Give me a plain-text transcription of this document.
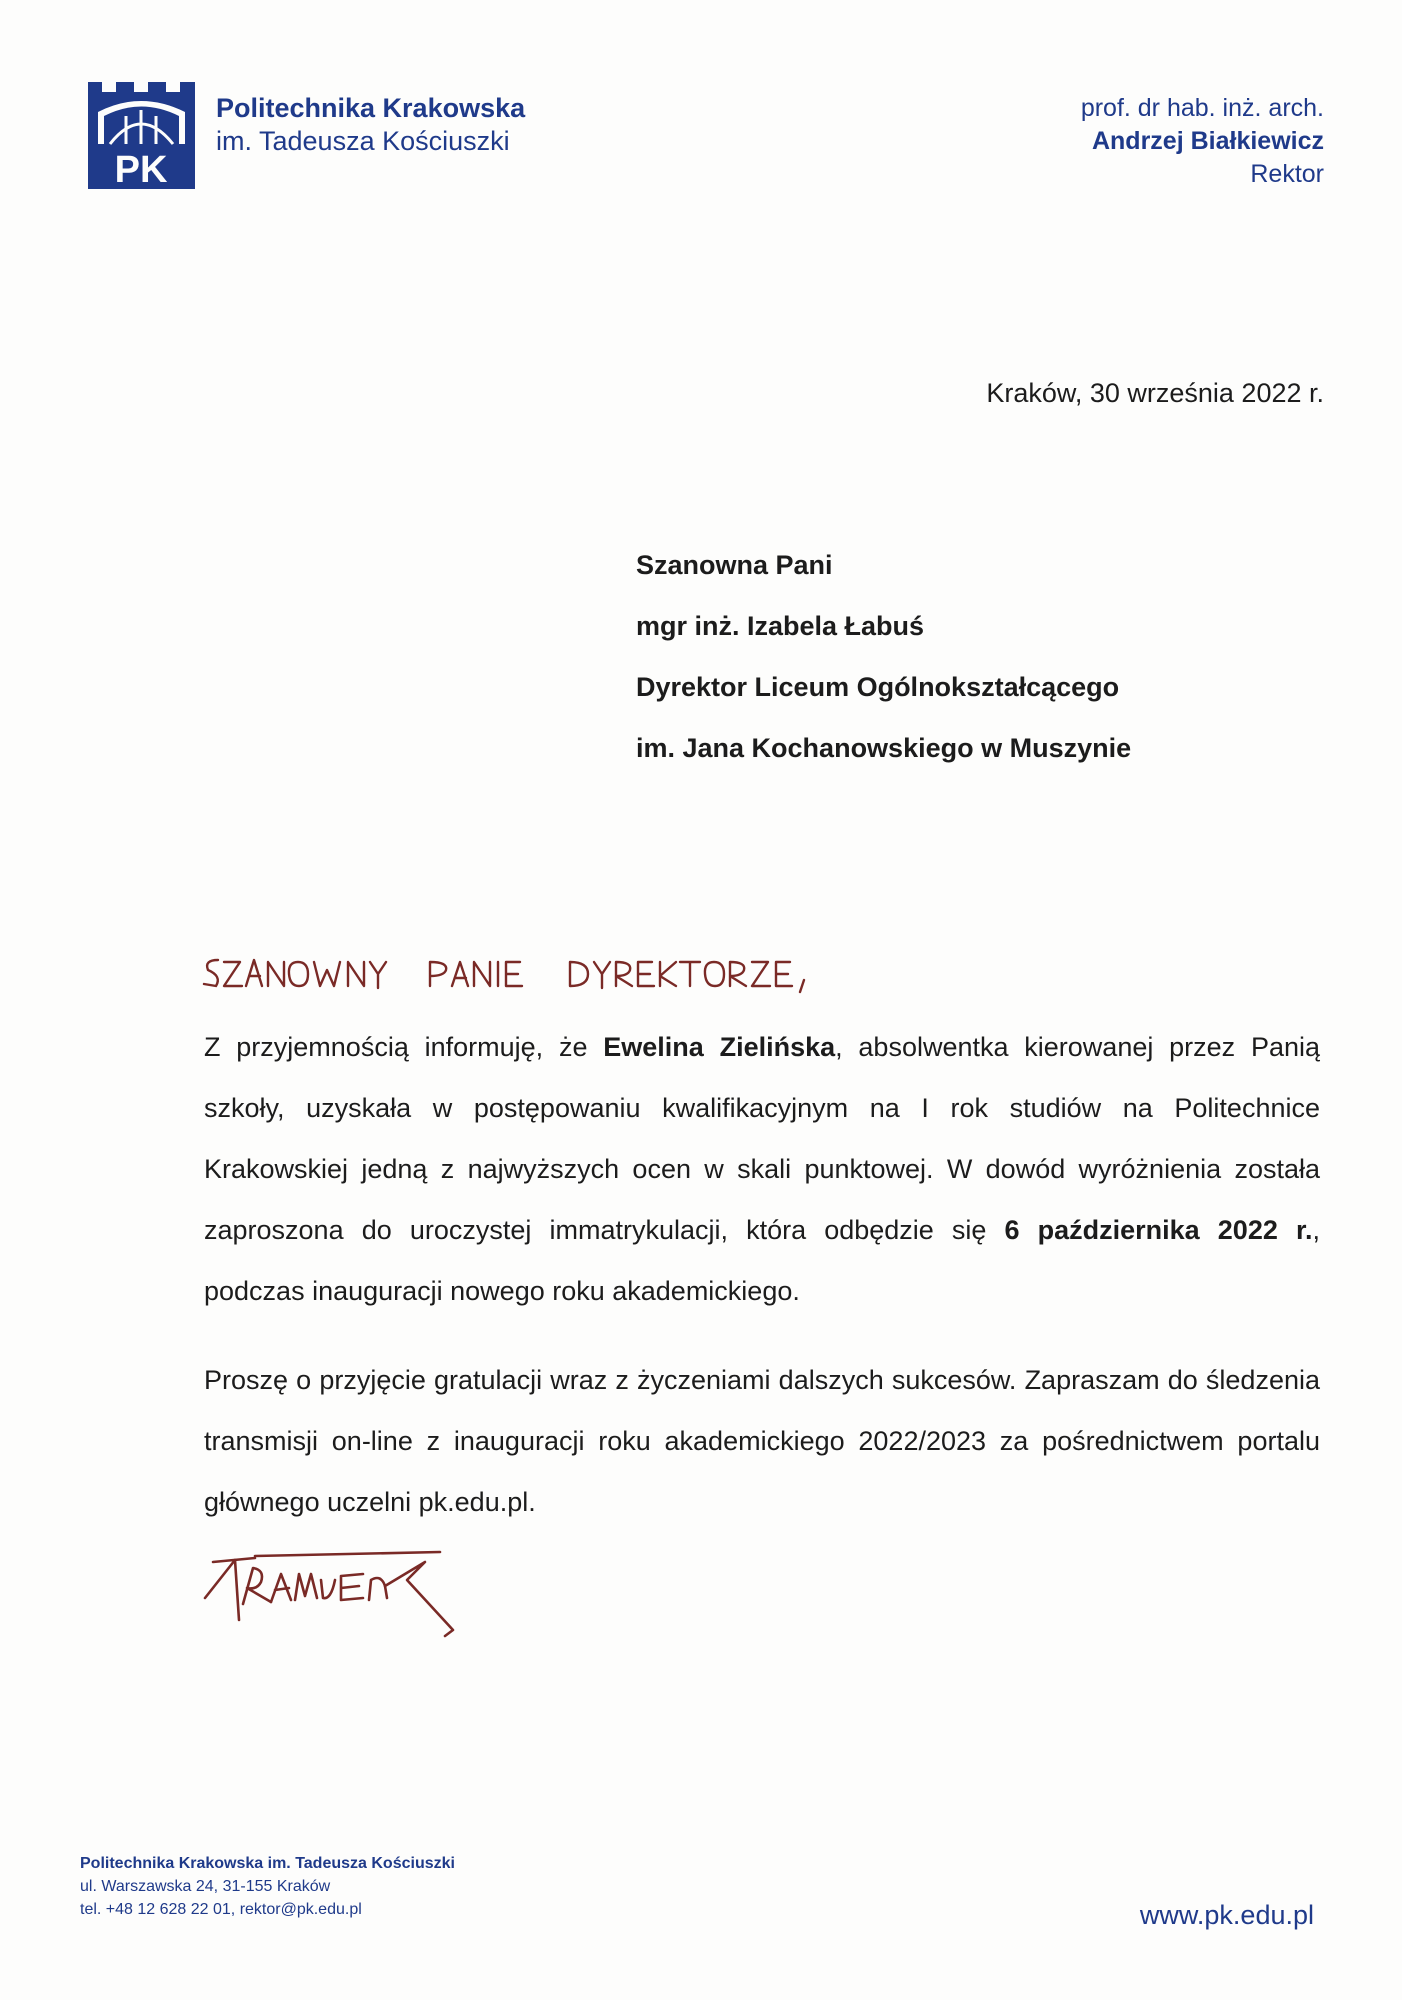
PK
Politechnika Krakowska
im. Tadeusza Kościuszki
prof. dr hab. inż. arch.
Andrzej Białkiewicz
Rektor
Kraków, 30 września 2022 r.
Szanowna Pani
mgr inż. Izabela Łabuś
Dyrektor Liceum Ogólnokształcącego
im. Jana Kochanowskiego w Muszynie

Z przyjemnością informuję, że Ewelina Zielińska, absolwentka kierowanej przez Panią szkoły, uzyskała w postępowaniu kwalifikacyjnym na I rok studiów na Politechnice Krakowskiej jedną z najwyższych ocen w skali punktowej. W dowód wyróżnienia została zaproszona do uroczystej immatrykulacji, która odbędzie się 6 października 2022 r., podczas inauguracji nowego roku akademickiego.

Proszę o przyjęcie gratulacji wraz z życzeniami dalszych sukcesów. Zapraszam do śledzenia transmisji on-line z inauguracji roku akademickiego 2022/2023 za pośrednictwem portalu głównego uczelni pk.edu.pl.

Politechnika Krakowska im. Tadeusza Kościuszki
ul. Warszawska 24, 31-155 Kraków
tel. +48 12 628 22 01, rektor@pk.edu.pl	www.pk.edu.pl
